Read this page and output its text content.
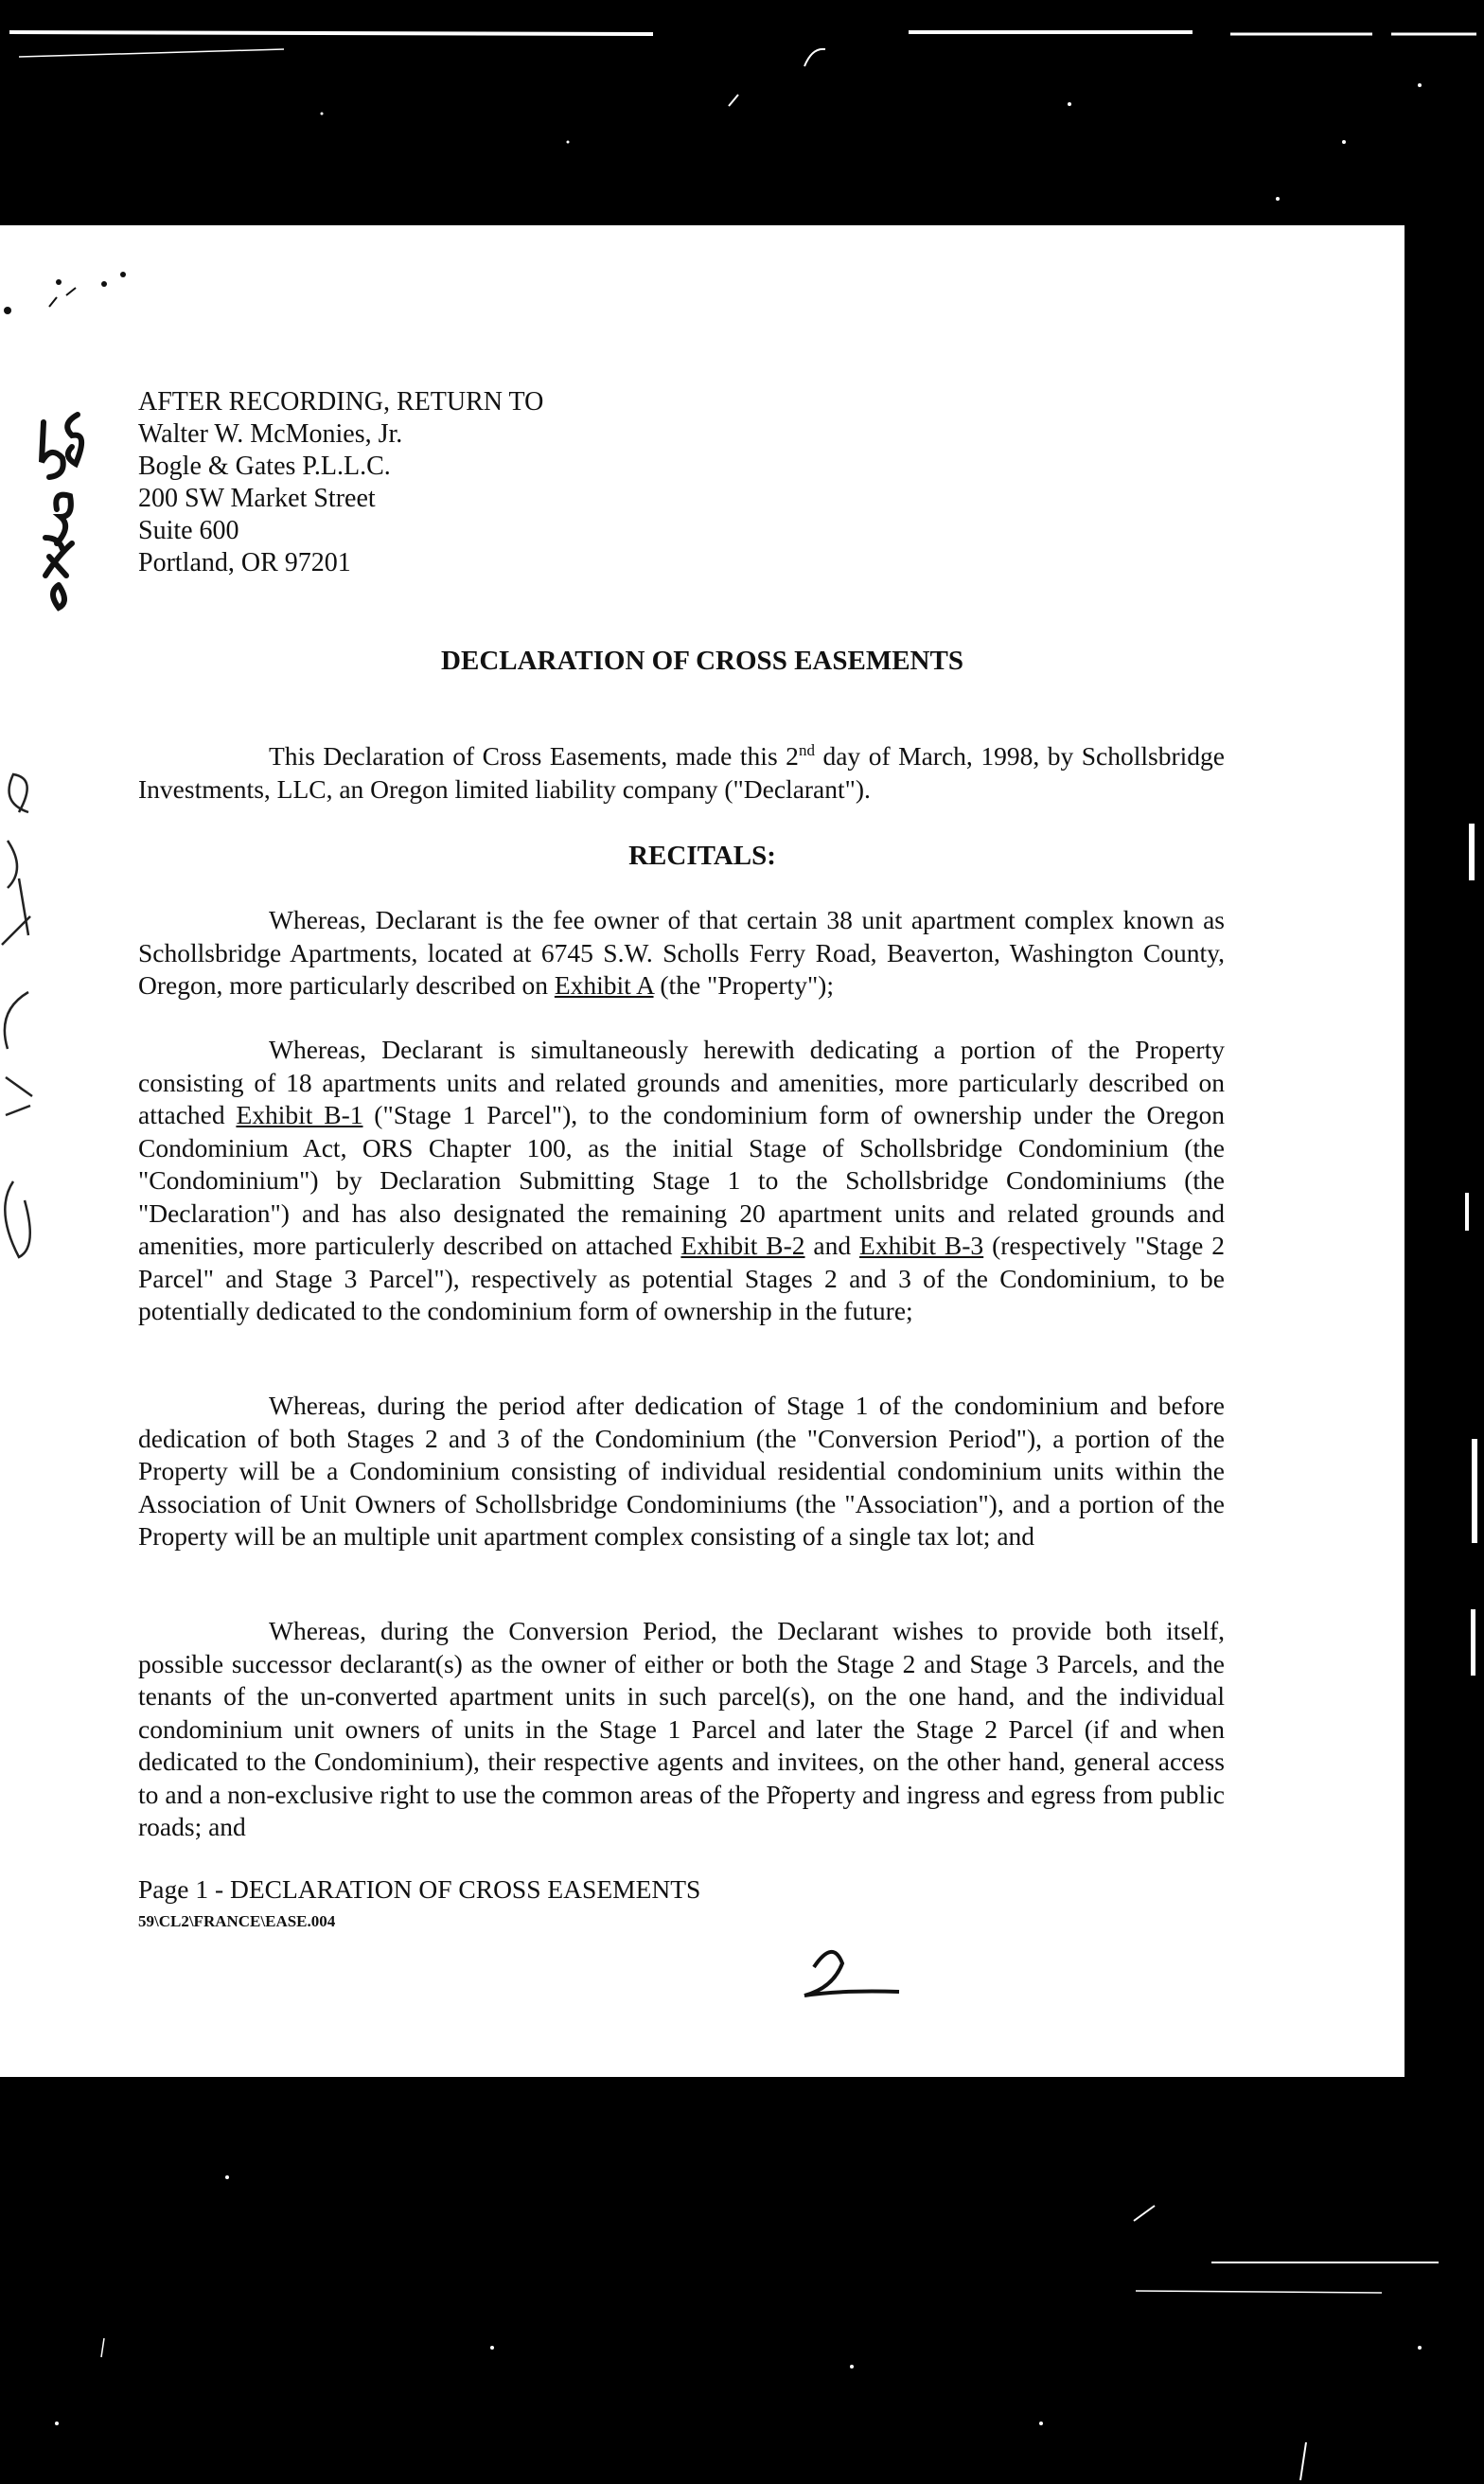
AFTER RECORDING, RETURN TO
Walter W. McMonies, Jr.
Bogle & Gates P.L.L.C.
200 SW Market Street
Suite 600
Portland, OR 97201
DECLARATION OF CROSS EASEMENTS
This Declaration of Cross Easements, made this 2nd day of March, 1998, by Schollsbridge Investments, LLC, an Oregon limited liability company ("Declarant").
RECITALS:
Whereas, Declarant is the fee owner of that certain 38 unit apartment complex known as Schollsbridge Apartments, located at 6745 S.W. Scholls Ferry Road, Beaverton, Washington County, Oregon, more particularly described on Exhibit A (the "Property");
Whereas, Declarant is simultaneously herewith dedicating a portion of the Property consisting of 18 apartments units and related grounds and amenities, more particularly described on attached Exhibit B-1 ("Stage 1 Parcel"), to the condominium form of ownership under the Oregon Condominium Act, ORS Chapter 100, as the initial Stage of Schollsbridge Condominium (the "Condominium") by Declaration Submitting Stage 1 to the Schollsbridge Condominiums (the "Declaration") and has also designated the remaining 20 apartment units and related grounds and amenities, more particulerly described on attached Exhibit B-2 and Exhibit B-3 (respectively "Stage 2 Parcel" and Stage 3 Parcel"), respectively as potential Stages 2 and 3 of the Condominium, to be potentially dedicated to the condominium form of ownership in the future;
Whereas, during the period after dedication of Stage 1 of the condominium and before dedication of both Stages 2 and 3 of the Condominium (the "Conversion Period"), a portion of the Property will be a Condominium consisting of individual residential condominium units within the Association of Unit Owners of Schollsbridge Condominiums (the "Association"), and a portion of the Property will be an multiple unit apartment complex consisting of a single tax lot; and
Whereas, during the Conversion Period, the Declarant wishes to provide both itself, possible successor declarant(s) as the owner of either or both the Stage 2 and Stage 3 Parcels, and the tenants of the un-converted apartment units in such parcel(s), on the one hand, and the individual condominium unit owners of units in the Stage 1 Parcel and later the Stage 2 Parcel (if and when dedicated to the Condominium), their respective agents and invitees, on the other hand, general access to and a non-exclusive right to use the common areas of the Pr̃operty and ingress and egress from public roads; and
Page 1 - DECLARATION OF CROSS EASEMENTS
59\CL2\FRANCE\EASE.004
